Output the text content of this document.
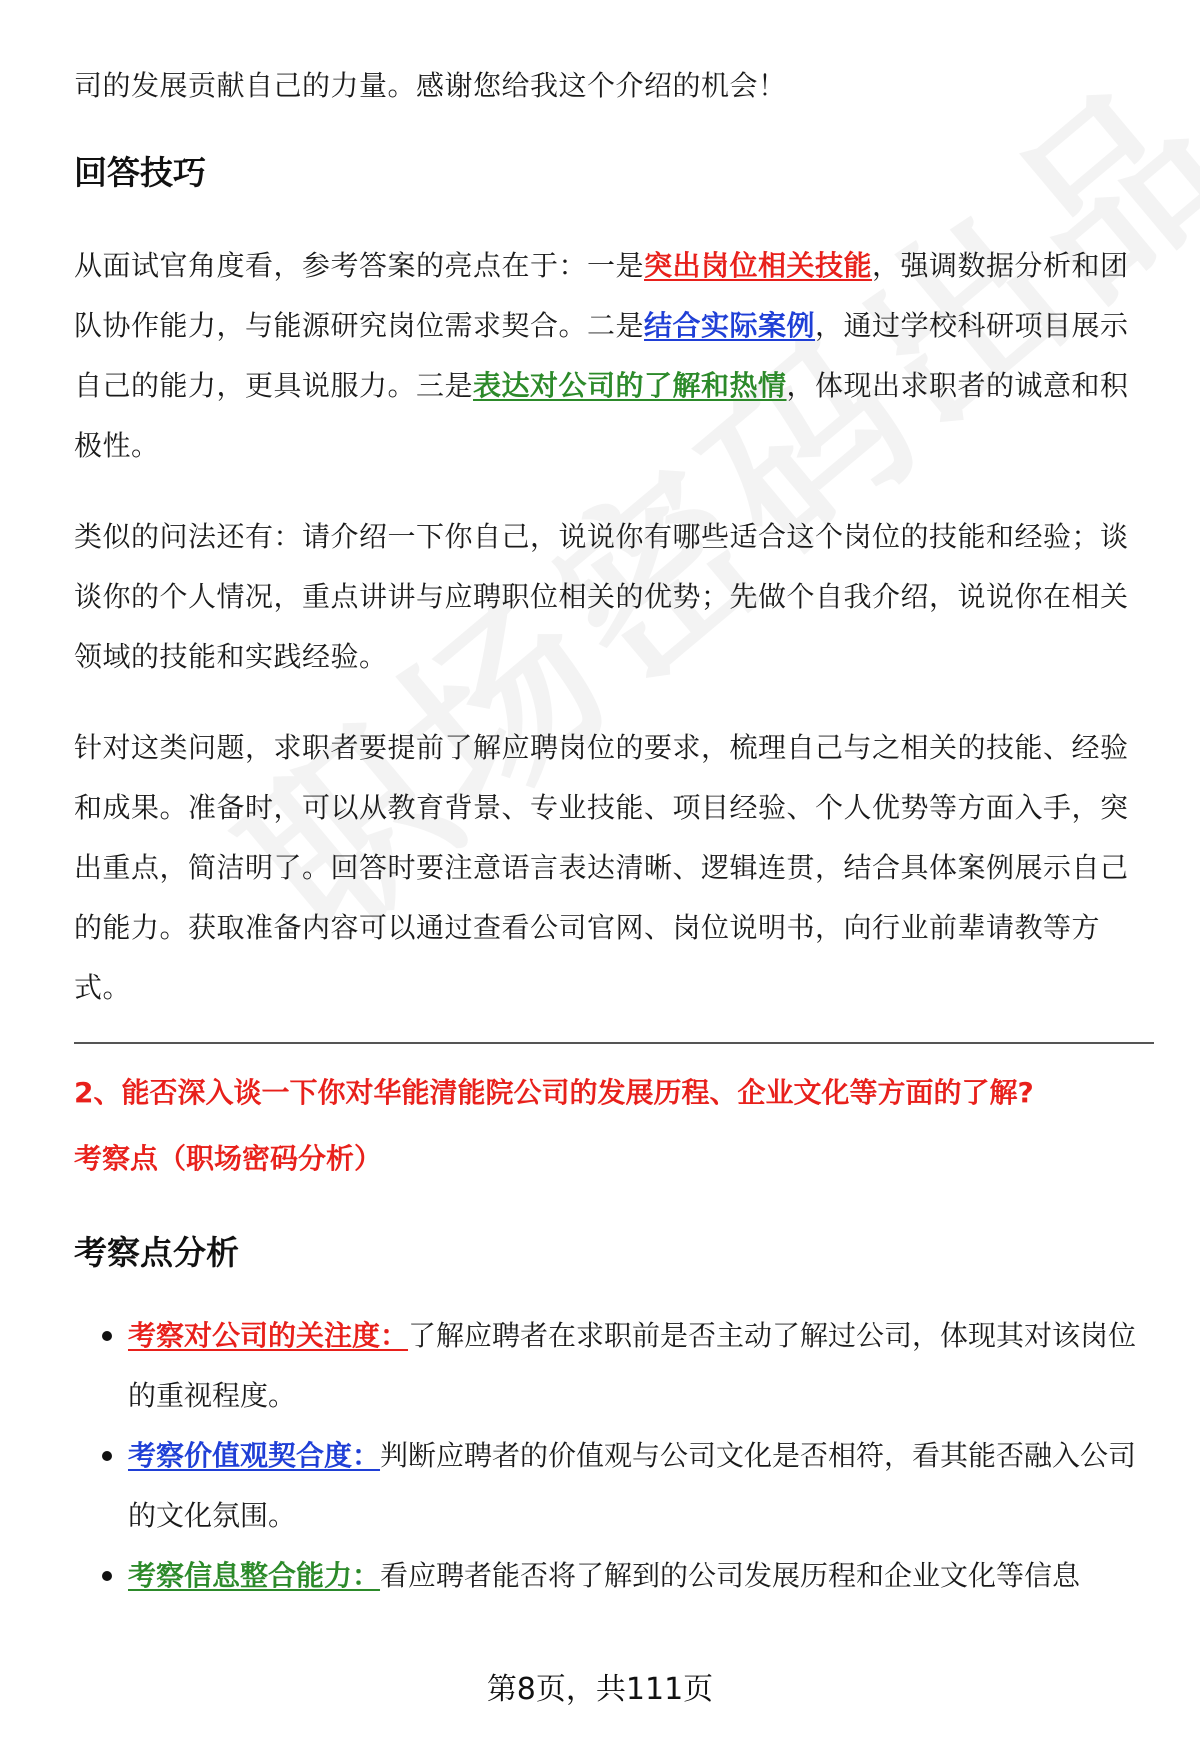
司的发展贡献自己的力量。感谢您给我这个介绍的机会！

回答技巧

从面试官角度看，参考答案的亮点在于：一是突出岗位相关技能，强调数据分析和团队协作能力，与能源研究岗位需求契合。二是结合实际案例，通过学校科研项目展示自己的能力，更具说服力。三是表达对公司的了解和热情，体现出求职者的诚意和积极性。

类似的问法还有：请介绍一下你自己，说说你有哪些适合这个岗位的技能和经验；谈谈你的个人情况，重点讲讲与应聘职位相关的优势；先做个自我介绍，说说你在相关领域的技能和实践经验。

针对这类问题，求职者要提前了解应聘岗位的要求，梳理自己与之相关的技能、经验和成果。准备时，可以从教育背景、专业技能、项目经验、个人优势等方面入手，突出重点，简洁明了。回答时要注意语言表达清晰、逻辑连贯，结合具体案例展示自己的能力。获取准备内容可以通过查看公司官网、岗位说明书，向行业前辈请教等方式。

2、能否深入谈一下你对华能清能院公司的发展历程、企业文化等方面的了解?

考察点（职场密码分析）

考察点分析
考察对公司的关注度：了解应聘者在求职前是否主动了解过公司，体现其对该岗位的重视程度。
考察价值观契合度：判断应聘者的价值观与公司文化是否相符，看其能否融入公司的文化氛围。
考察信息整合能力：看应聘者能否将了解到的公司发展历程和企业文化等信息
第8页，共111页
